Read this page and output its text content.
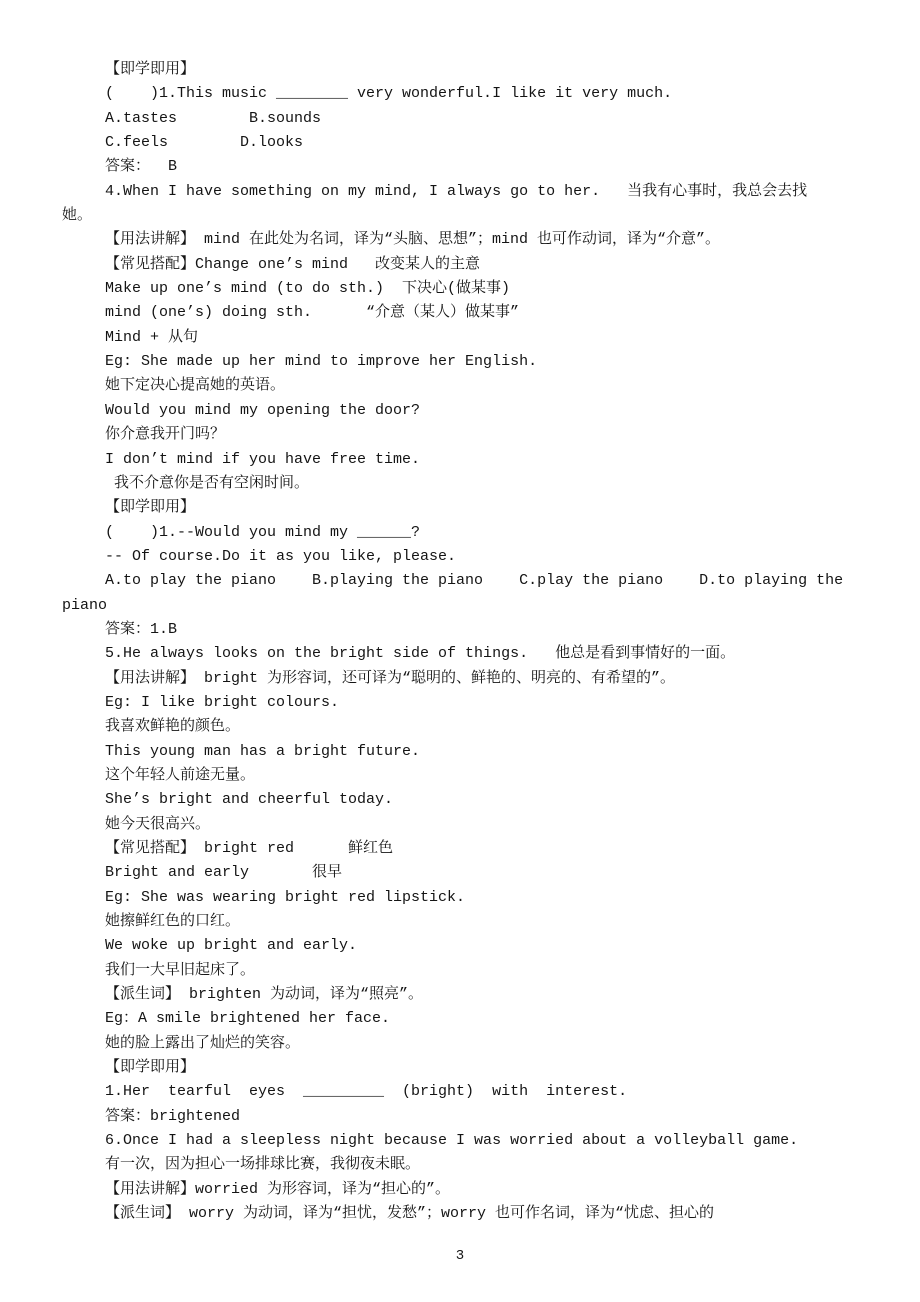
【即学即用】
(    )1.This music ________ very wonderful.I like it very much.
A.tastes        B.sounds
C.feels        D.looks
答案：  B
4.When I have something on my mind, I always go to her.   当我有心事时，我总会去找
她。
【用法讲解】 mind 在此处为名词，译为“头脑、思想”；mind 也可作动词，译为“介意”。
【常见搭配】Change one’s mind   改变某人的主意
Make up one’s mind (to do sth.)  下决心(做某事)
mind (one’s) doing sth.      “介意（某人）做某事”
Mind + 从句
Eg: She made up her mind to improve her English.
她下定决心提高她的英语。
Would you mind my opening the door?
你介意我开门吗？
I don’t mind if you have free time.
我不介意你是否有空闲时间。
【即学即用】
(    )1.--Would you mind my ______?
-- Of course.Do it as you like, please.
A.to play the piano    B.playing the piano    C.play the piano    D.to playing the
piano
答案：1.B
5.He always looks on the bright side of things.   他总是看到事情好的一面。
【用法讲解】 bright 为形容词，还可译为“聪明的、鲜艳的、明亮的、有希望的”。
Eg: I like bright colours.
我喜欢鲜艳的颜色。
This young man has a bright future.
这个年轻人前途无量。
She’s bright and cheerful today.
她今天很高兴。
【常见搭配】 bright red      鲜红色
Bright and early       很早
Eg: She was wearing bright red lipstick.
她擦鲜红色的口红。
We woke up bright and early.
我们一大早旧起床了。
【派生词】 brighten 为动词，译为“照亮”。
Eg：A smile brightened her face.
她的脸上露出了灿烂的笑容。
【即学即用】
1.Her  tearful  eyes  _________  (bright)  with  interest.
答案：brightened
6.Once I had a sleepless night because I was worried about a volleyball game.
有一次，因为担心一场排球比赛，我彻夜未眠。
【用法讲解】worried 为形容词，译为“担心的”。
【派生词】 worry 为动词，译为“担忧，发愁”；worry 也可作名词，译为“忧虑、担心的
3
